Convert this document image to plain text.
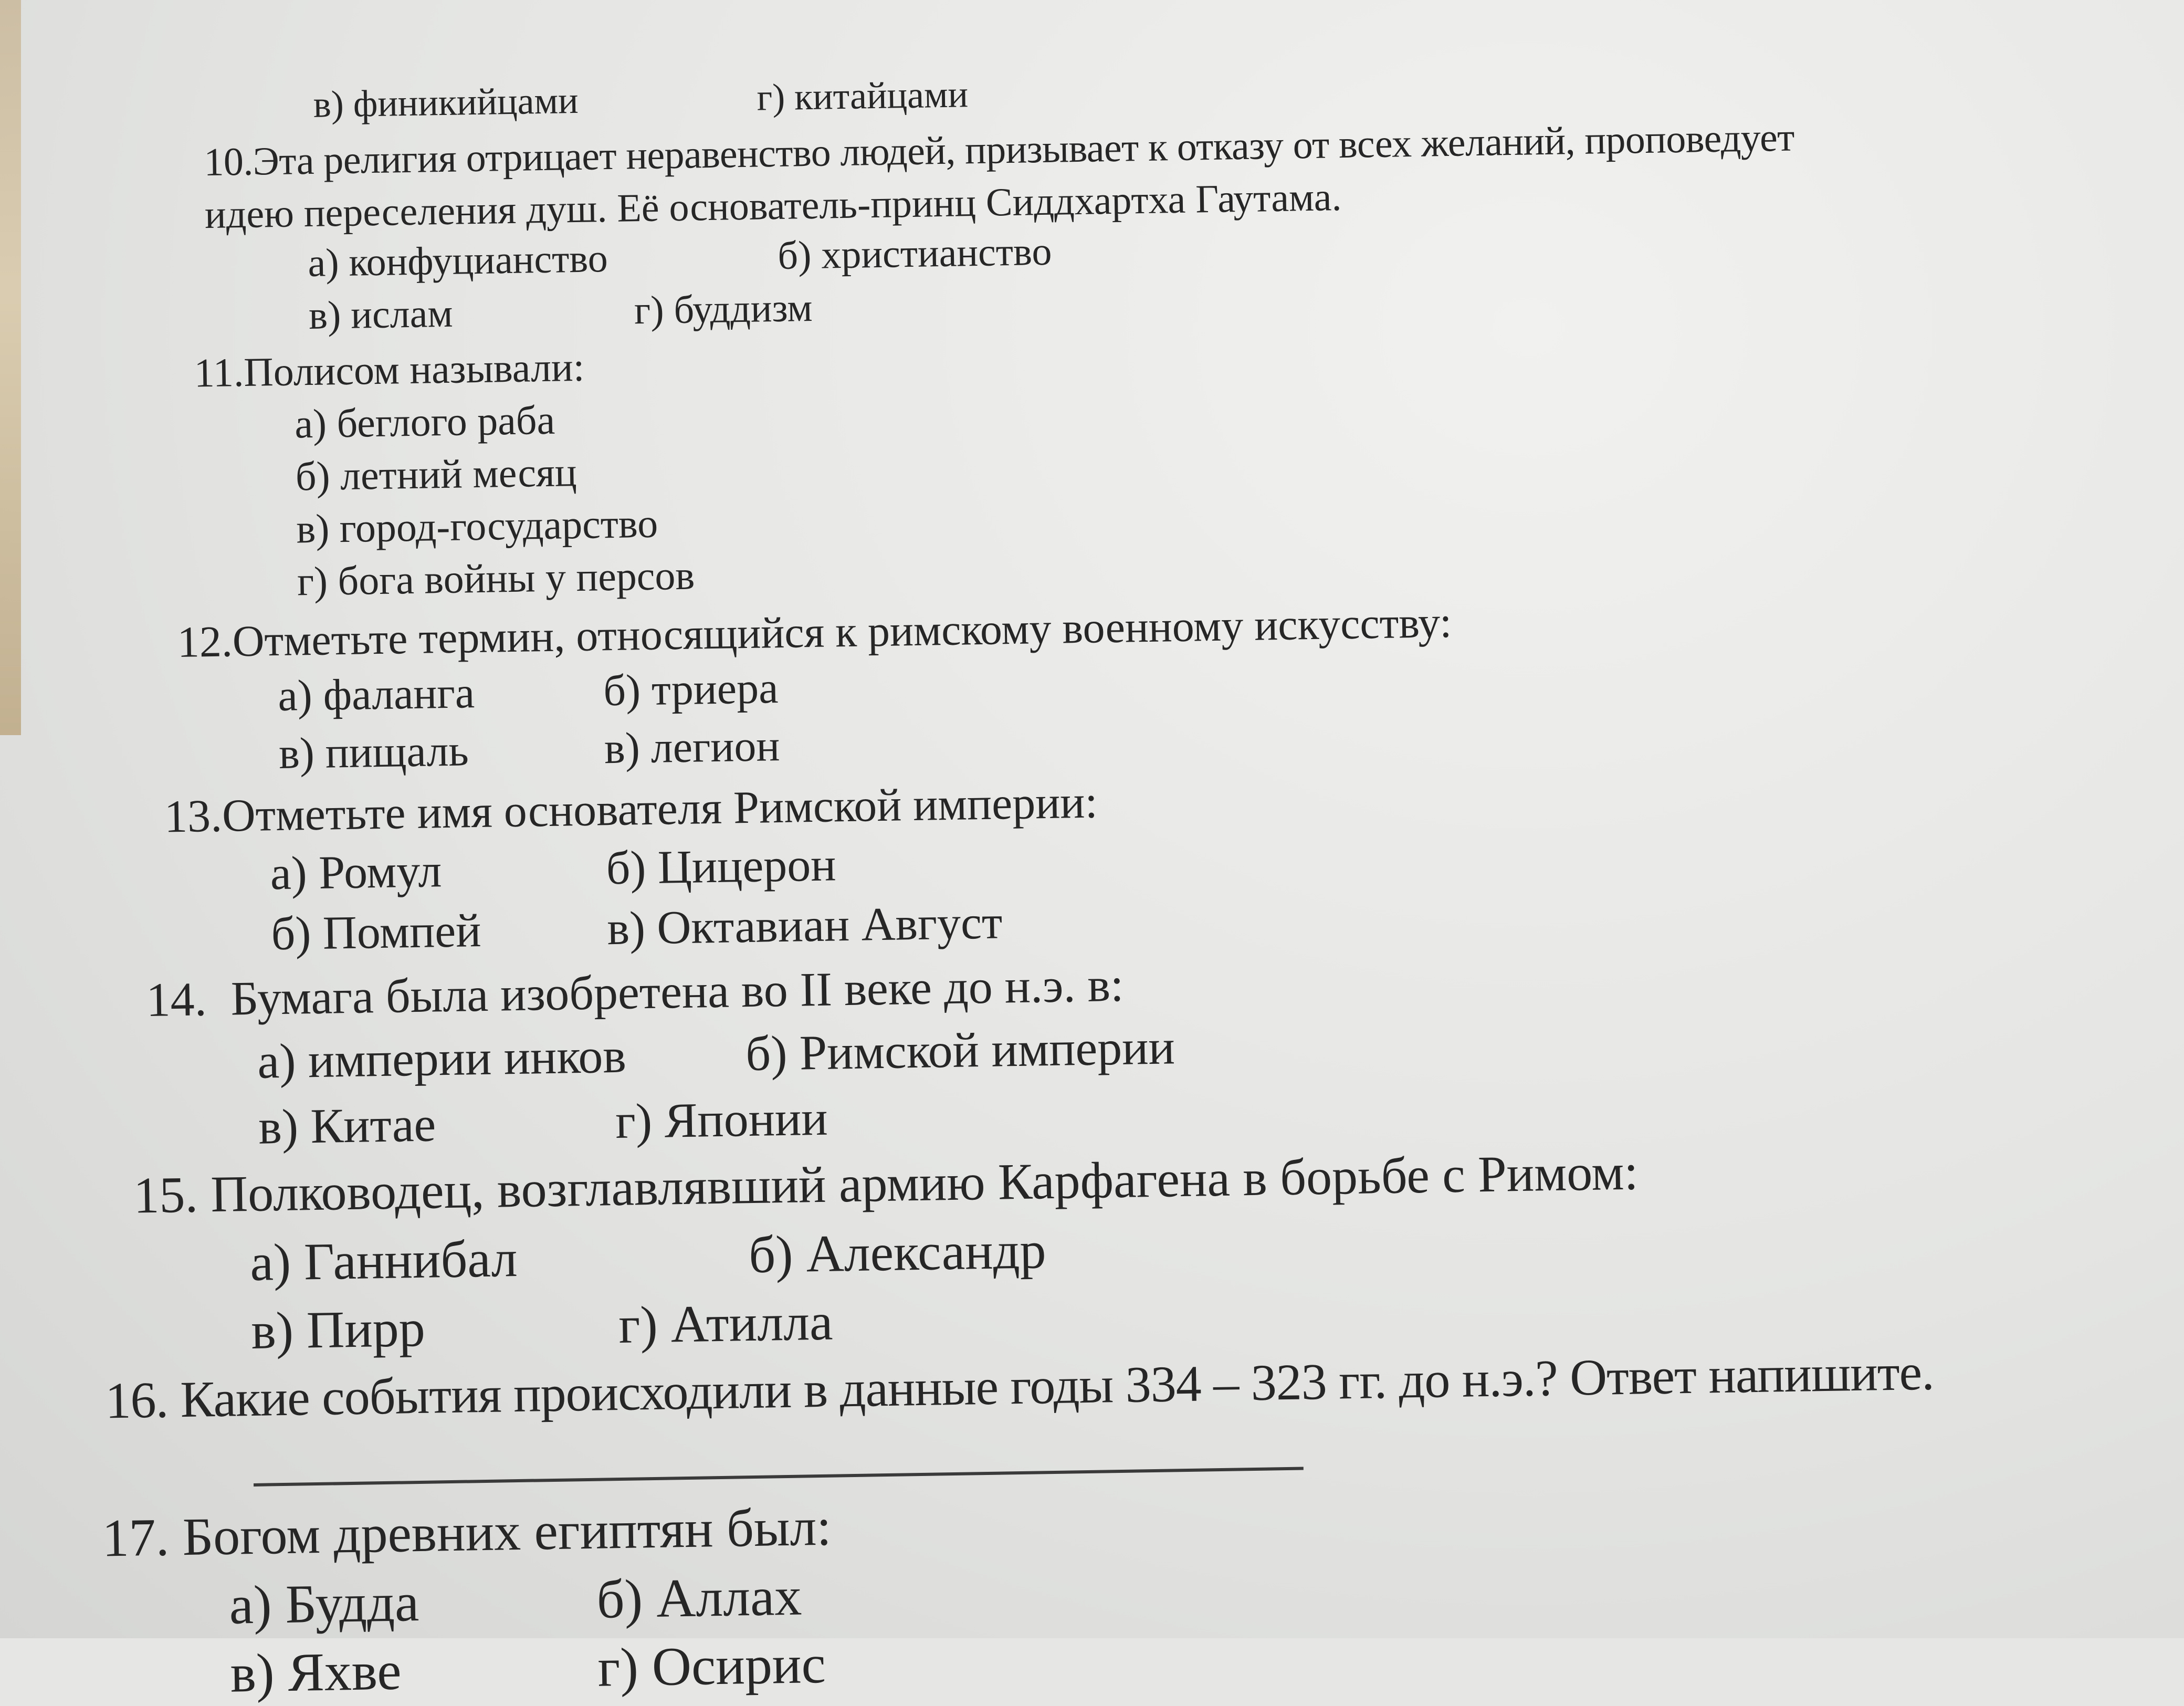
в) финикийцами	г) китайцами
10.Эта религия отрицает неравенство людей, призывает к отказу от всех желаний, проповедует
идею переселения душ. Её основатель-принц Сиддхартха Гаутама.
а) конфуцианство	б) христианство
в) ислам	г) буддизм
11.Полисом называли:
а) беглого раба
б) летний месяц
в) город-государство
г) бога войны у персов
12.Отметьте термин, относящийся к римскому военному искусству:
а) фаланга	б) триера
в) пищаль	в) легион
13.Отметьте имя основателя Римской империи:
а) Ромул	б) Цицерон
б) Помпей	в) Октавиан Август
14.  Бумага была изобретена во II веке до н.э. в:
а) империи инков б) Римской империи
в) Китае	г) Японии
15. Полководец, возглавлявший армию Карфагена в борьбе с Римом:
а) Ганнибал	б) Александр
в) Пирр	г) Атилла
16. Какие события происходили в данные годы 334 – 323 гг. до н.э.? Ответ напишите.
17. Богом древних египтян был:
а) Будда	б) Аллах
в) Яхве	г) Осирис
